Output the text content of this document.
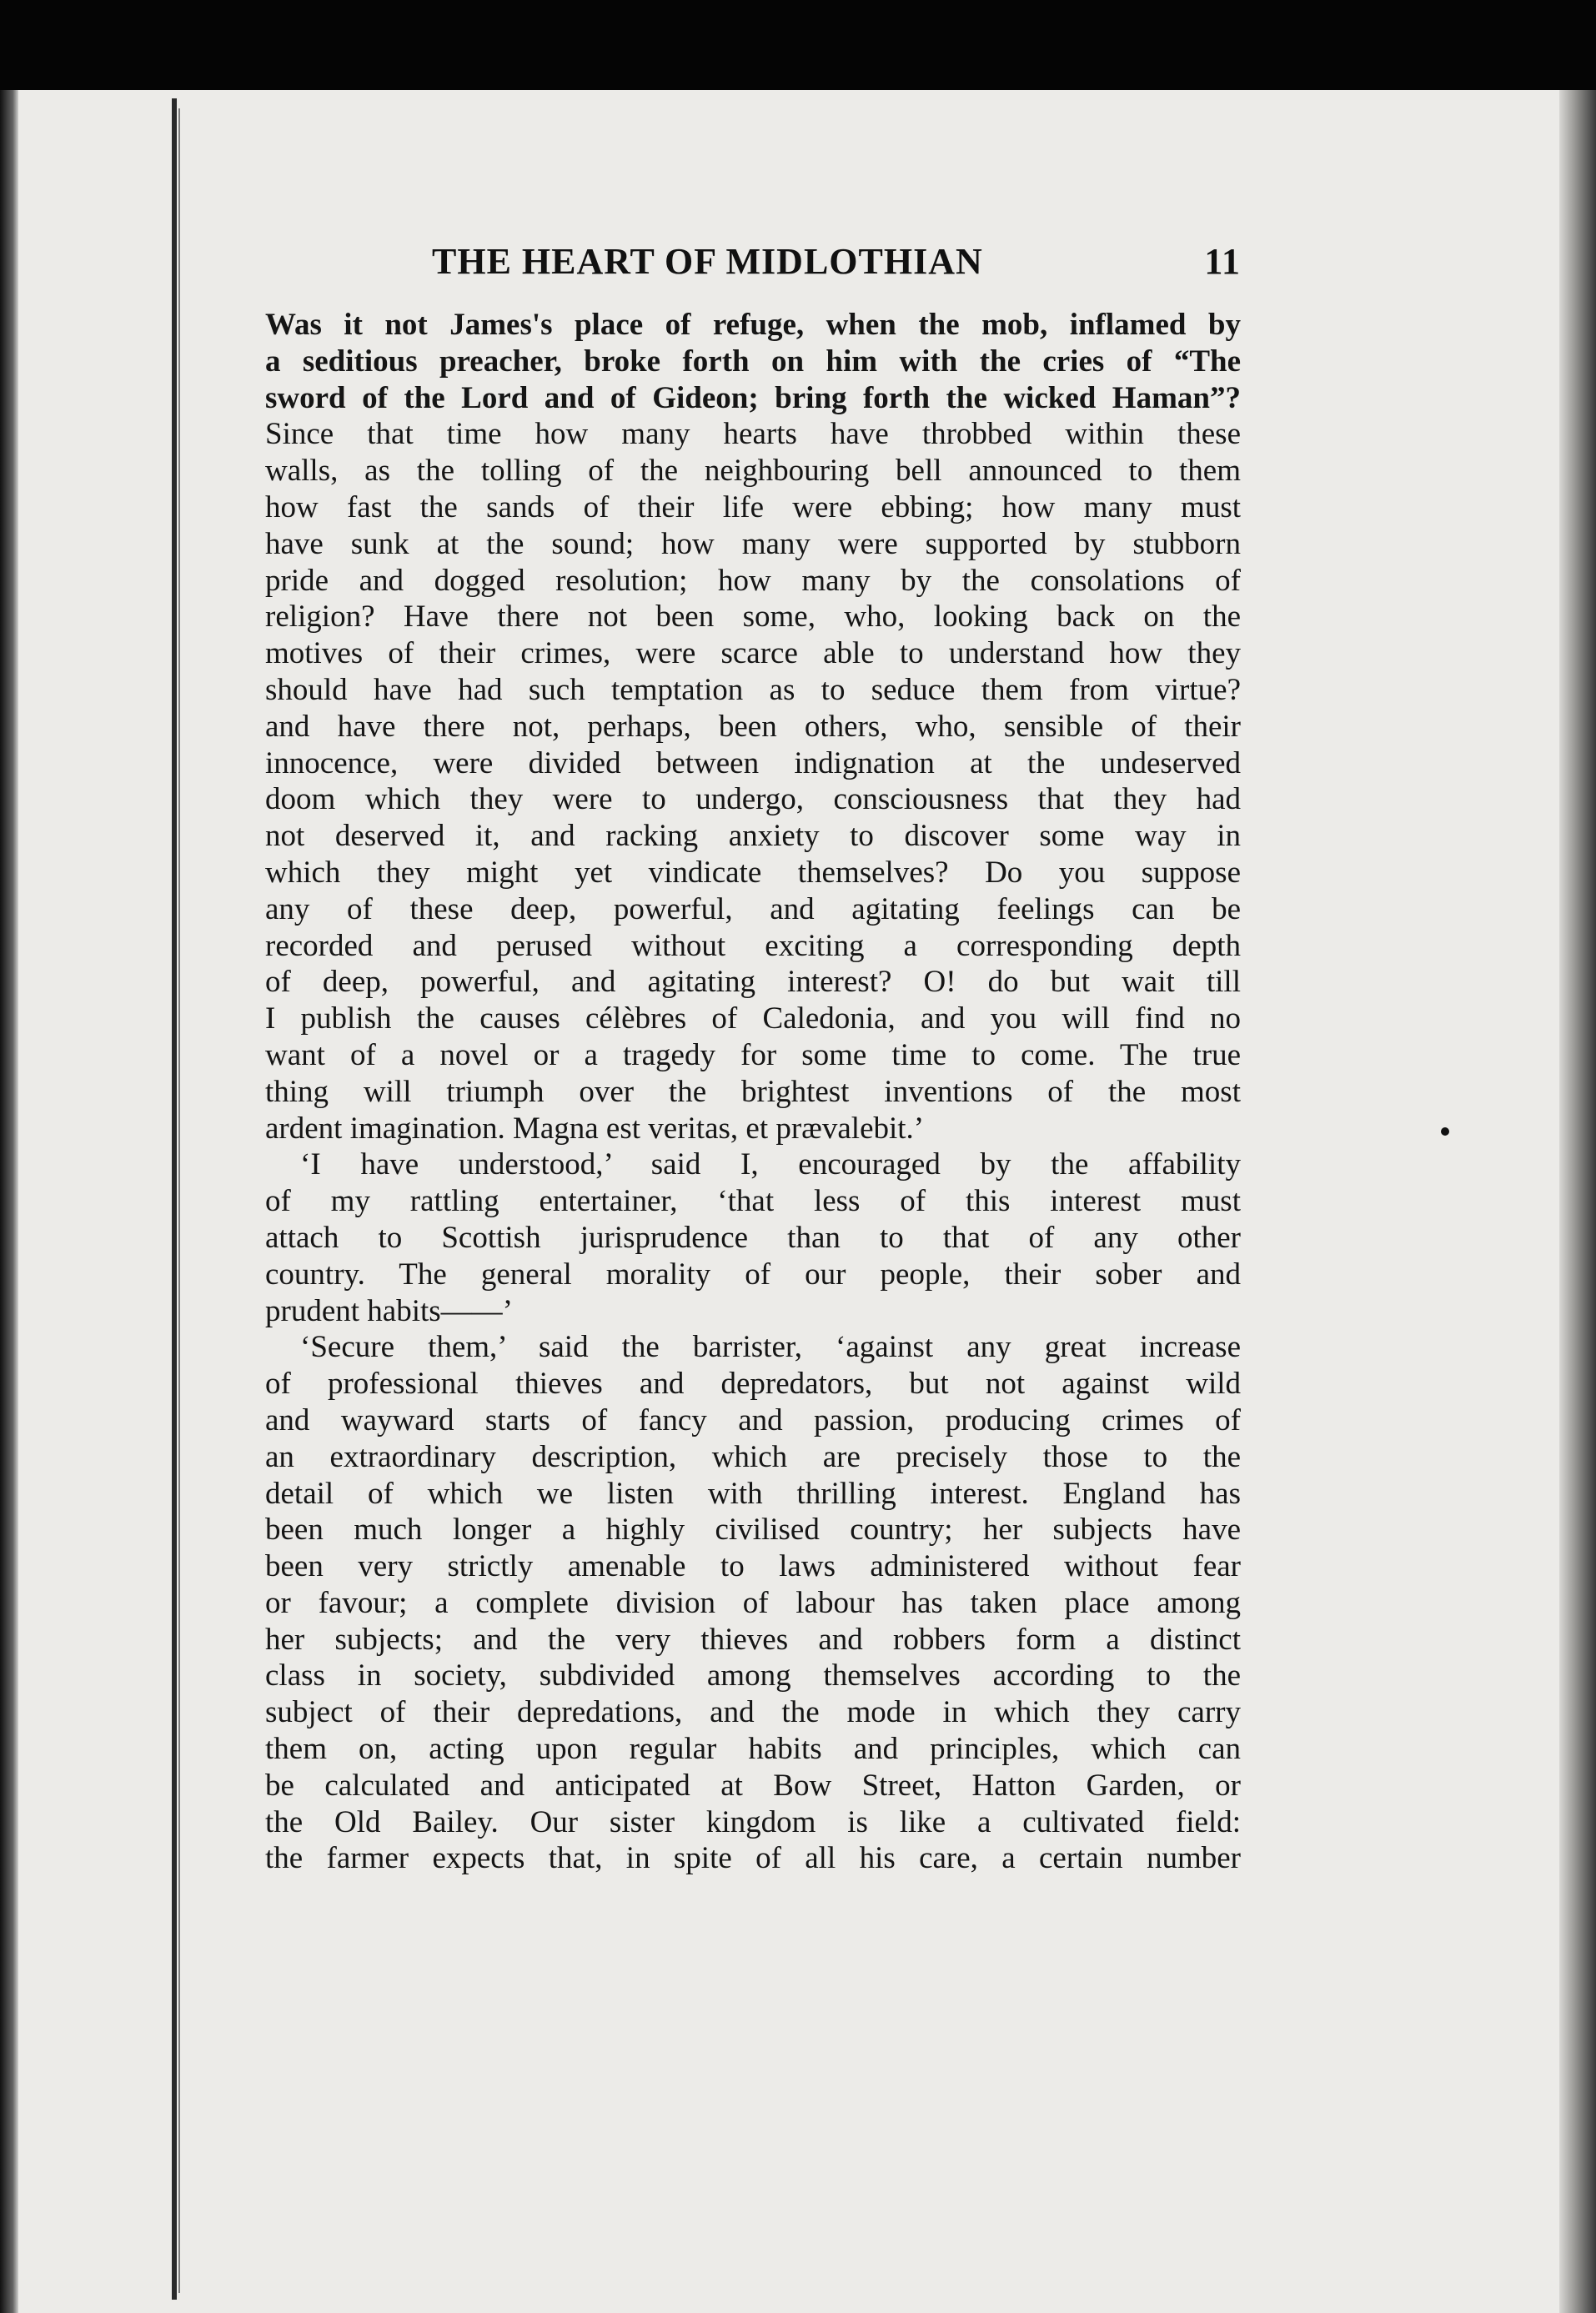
THE HEART OF MIDLOTHIAN	11
Was it not James's place of refuge, when the mob, inflamed by
a seditious preacher, broke forth on him with the cries of “The
sword of the Lord and of Gideon; bring forth the wicked Haman”?
Since that time how many hearts have throbbed within these
walls, as the tolling of the neighbouring bell announced to them
how fast the sands of their life were ebbing; how many must
have sunk at the sound; how many were supported by stubborn
pride and dogged resolution; how many by the consolations of
religion? Have there not been some, who, looking back on the
motives of their crimes, were scarce able to understand how they
should have had such temptation as to seduce them from virtue?
and have there not, perhaps, been others, who, sensible of their
innocence, were divided between indignation at the undeserved
doom which they were to undergo, consciousness that they had
not deserved it, and racking anxiety to discover some way in
which they might yet vindicate themselves? Do you suppose
any of these deep, powerful, and agitating feelings can be
recorded and perused without exciting a corresponding depth
of deep, powerful, and agitating interest? O! do but wait till
I publish the causes célèbres of Caledonia, and you will find no
want of a novel or a tragedy for some time to come. The true
thing will triumph over the brightest inventions of the most
ardent imagination. Magna est veritas, et prævalebit.’
‘I have understood,’ said I, encouraged by the affability
of my rattling entertainer, ‘that less of this interest must
attach to Scottish jurisprudence than to that of any other
country. The general morality of our people, their sober and
prudent habits——’
‘Secure them,’ said the barrister, ‘against any great increase
of professional thieves and depredators, but not against wild
and wayward starts of fancy and passion, producing crimes of
an extraordinary description, which are precisely those to the
detail of which we listen with thrilling interest. England has
been much longer a highly civilised country; her subjects have
been very strictly amenable to laws administered without fear
or favour; a complete division of labour has taken place among
her subjects; and the very thieves and robbers form a distinct
class in society, subdivided among themselves according to the
subject of their depredations, and the mode in which they carry
them on, acting upon regular habits and principles, which can
be calculated and anticipated at Bow Street, Hatton Garden, or
the Old Bailey. Our sister kingdom is like a cultivated field:
the farmer expects that, in spite of all his care, a certain number
